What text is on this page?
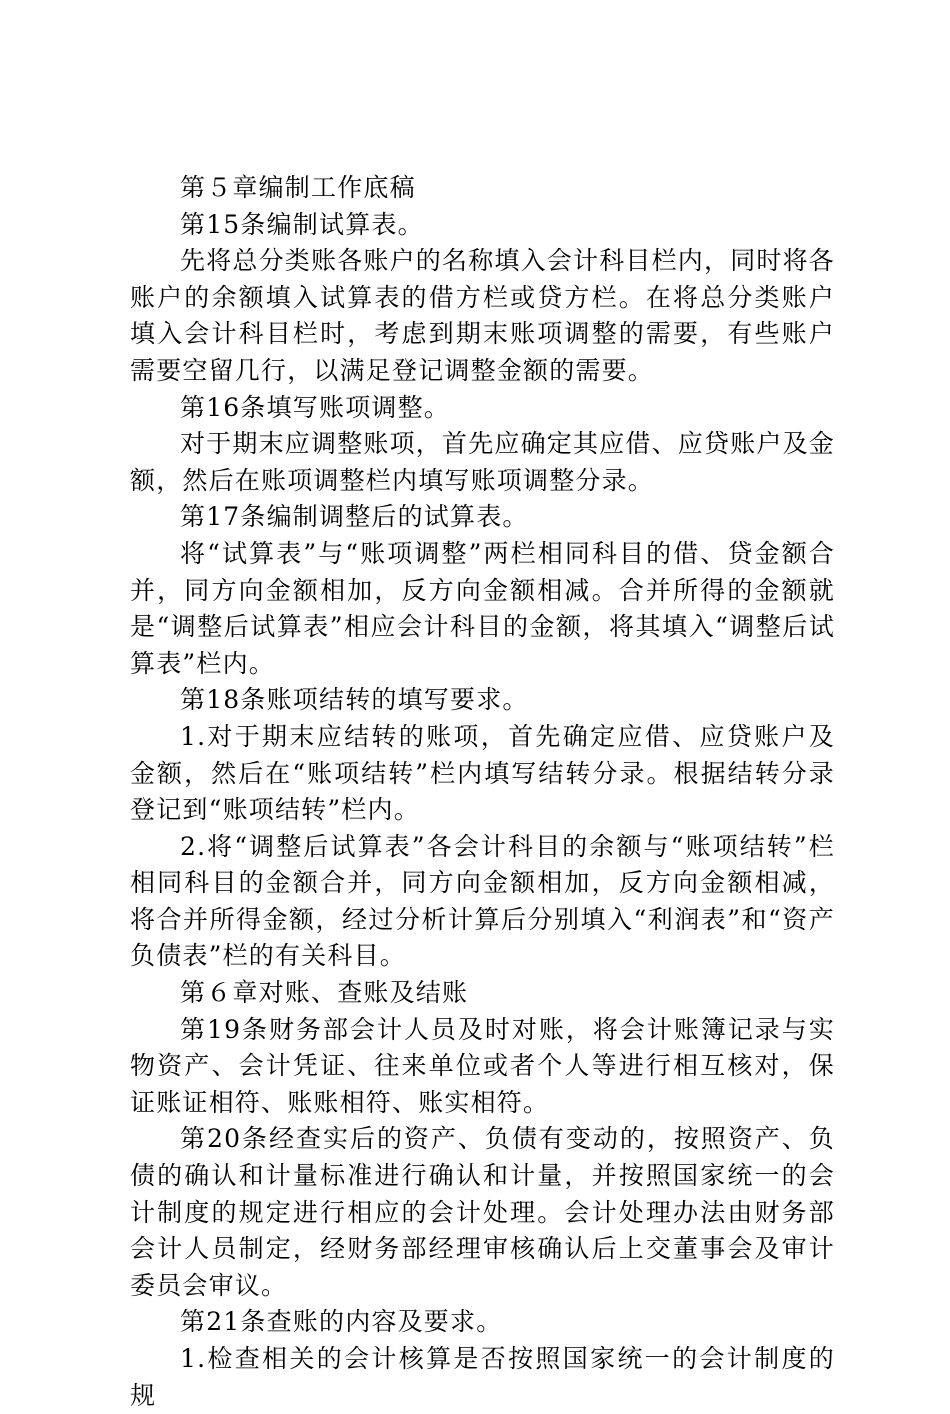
第５章编制工作底稿

第15条编制试算表。

先将总分类账各账户的名称填入会计科目栏内，同时将各账户的余额填入试算表的借方栏或贷方栏。在将总分类账户填入会计科目栏时，考虑到期末账项调整的需要，有些账户需要空留几行，以满足登记调整金额的需要。

第16条填写账项调整。

对于期末应调整账项，首先应确定其应借、应贷账户及金额，然后在账项调整栏内填写账项调整分录。

第17条编制调整后的试算表。

将“试算表”与“账项调整”两栏相同科目的借、贷金额合并，同方向金额相加，反方向金额相减。合并所得的金额就是“调整后试算表”相应会计科目的金额，将其填入“调整后试算表”栏内。

第18条账项结转的填写要求。

1.对于期末应结转的账项，首先确定应借、应贷账户及金额，然后在“账项结转”栏内填写结转分录。根据结转分录登记到“账项结转”栏内。

2.将“调整后试算表”各会计科目的余额与“账项结转”栏相同科目的金额合并，同方向金额相加，反方向金额相减，将合并所得金额，经过分析计算后分别填入“利润表”和“资产负债表”栏的有关科目。

第６章对账、查账及结账

第19条财务部会计人员及时对账，将会计账簿记录与实物资产、会计凭证、往来单位或者个人等进行相互核对，保证账证相符、账账相符、账实相符。

第20条经查实后的资产、负债有变动的，按照资产、负债的确认和计量标准进行确认和计量，并按照国家统一的会计制度的规定进行相应的会计处理。会计处理办法由财务部会计人员制定，经财务部经理审核确认后上交董事会及审计委员会审议。

第21条查账的内容及要求。

1.检查相关的会计核算是否按照国家统一的会计制度的规
